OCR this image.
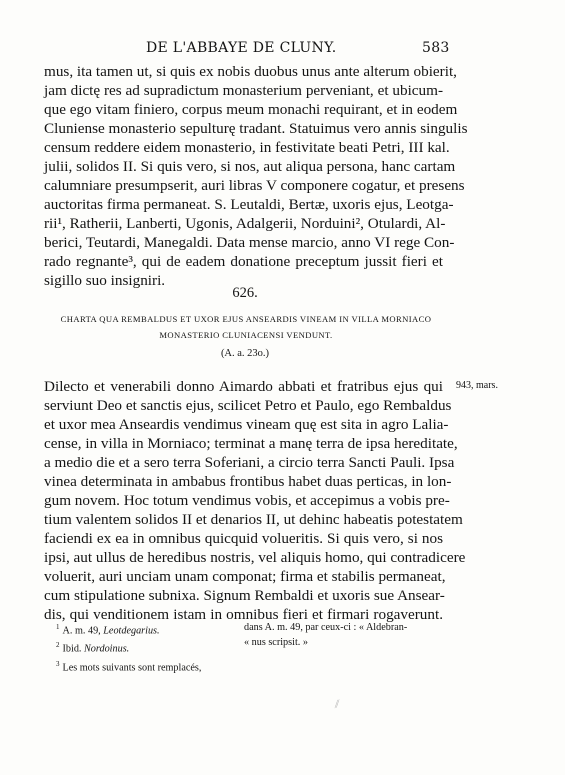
DE L'ABBAYE DE CLUNY.	583
mus, ita tamen ut, si quis ex nobis duobus unus ante alterum obierit,
jam dictę res ad supradictum monasterium perveniant, et ubicum-
que ego vitam finiero, corpus meum monachi requirant, et in eodem
Cluniense monasterio sepulturę tradant. Statuimus vero annis singulis
censum reddere eidem monasterio, in festivitate beati Petri, III kal.
julii, solidos II. Si quis vero, si nos, aut aliqua persona, hanc cartam
calumniare presumpserit, auri libras V componere cogatur, et presens
auctoritas firma permaneat. S. Leutaldi, Bertæ, uxoris ejus, Leotga-
rii¹, Ratherii, Lanberti, Ugonis, Adalgerii, Norduini², Otulardi, Al-
berici, Teutardi, Manegaldi. Data mense marcio, anno VI rege Con-
rado regnante³, qui de eadem donatione preceptum jussit fieri et
sigillo suo insigniri.
626.
CHARTA QUA REMBALDUS ET UXOR EJUS ANSEARDIS VINEAM IN VILLA MORNIACO
MONASTERIO CLUNIACENSI VENDUNT.
(A. a. 23o.)
943, mars.
Dilecto et venerabili donno Aimardo abbati et fratribus ejus qui
serviunt Deo et sanctis ejus, scilicet Petro et Paulo, ego Rembaldus
et uxor mea Anseardis vendimus vineam quę est sita in agro Lalia-
cense, in villa in Morniaco; terminat a manę terra de ipsa hereditate,
a medio die et a sero terra Soferiani, a circio terra Sancti Pauli. Ipsa
vinea determinata in ambabus frontibus habet duas perticas, in lon-
gum novem. Hoc totum vendimus vobis, et accepimus a vobis pre-
tium valentem solidos II et denarios II, ut dehinc habeatis potestatem
faciendi ex ea in omnibus quicquid volueritis. Si quis vero, si nos
ipsi, aut ullus de heredibus nostris, vel aliquis homo, qui contradicere
voluerit, auri unciam unam componat; firma et stabilis permaneat,
cum stipulatione subnixa. Signum Rembaldi et uxoris sue Ansear-
dis, qui venditionem istam in omnibus fieri et firmari rogaverunt.
$^1$ A. m. 49, Leotdegarius.
$^2$ Ibid. Nordoinus.
$^3$ Les mots suivants sont remplacés,
dans A. m. 49, par ceux-ci : « Aldebran-
« nus scripsit. »
⁄⁄
